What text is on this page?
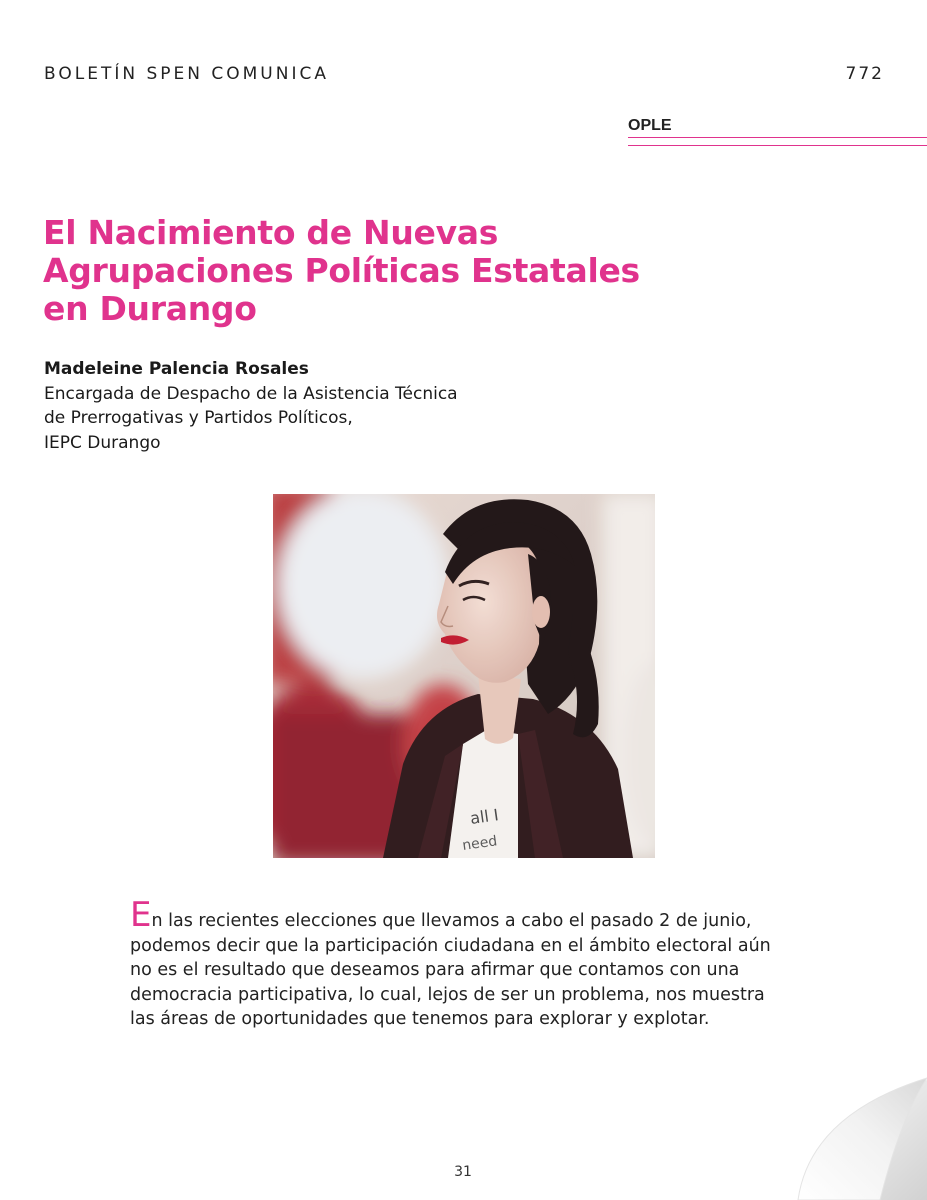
BOLETÍN SPEN COMUNICA	772
OPLE
El Nacimiento de Nuevas
Agrupaciones Políticas Estatales
en Durango
Madeleine Palencia Rosales
Encargada de Despacho de la Asistencia Técnica
de Prerrogativas y Partidos Políticos,
IEPC Durango
all I
need
En las recientes elecciones que llevamos a cabo el pasado 2 de junio,
podemos decir que la participación ciudadana en el ámbito electoral aún
no es el resultado que deseamos para afirmar que contamos con una
democracia participativa, lo cual, lejos de ser un problema, nos muestra
las áreas de oportunidades que tenemos para explorar y explotar.
31
